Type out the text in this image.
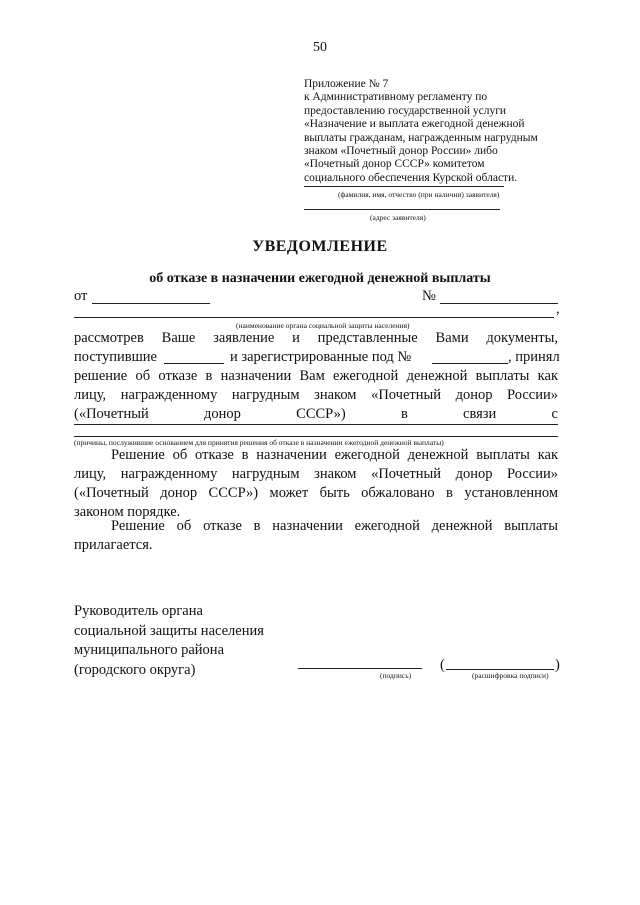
50
Приложение № 7
к Административному регламенту по
предоставлению государственной услуги
«Назначение и выплата ежегодной денежной
выплаты гражданам, награжденным нагрудным
знаком «Почетный донор России» либо
«Почетный донор СССР» комитетом
социального обеспечения Курской области.
(фамилия, имя, отчество (при наличии) заявителя)
(адрес заявителя)
УВЕДОМЛЕНИЕ
об отказе в назначении ежегодной денежной выплаты
от	№
,
(наименование органа социальной защиты населения)
рассмотрев Ваше заявление и представленные Вами документы,
поступившие	и зарегистрированные под №	, принял
решение об отказе в назначении Вам ежегодной денежной выплаты как
лицу, награжденному нагрудным знаком «Почетный донор России»
(«Почетный	донор	СССР»)	в	связи	с
(причины, послужившие основанием для принятия решения об отказе в назначении ежегодной денежной выплаты)
Решение об отказе в назначении ежегодной денежной выплаты как
лицу, награжденному нагрудным знаком «Почетный донор России»
(«Почетный донор СССР») может быть обжаловано в установленном
законом порядке.
Решение об отказе в назначении ежегодной денежной выплаты
прилагается.
Руководитель органа
социальной защиты населения
муниципального района
(городского округа)	(подпись)
(	)
(расшифровка подписи)
